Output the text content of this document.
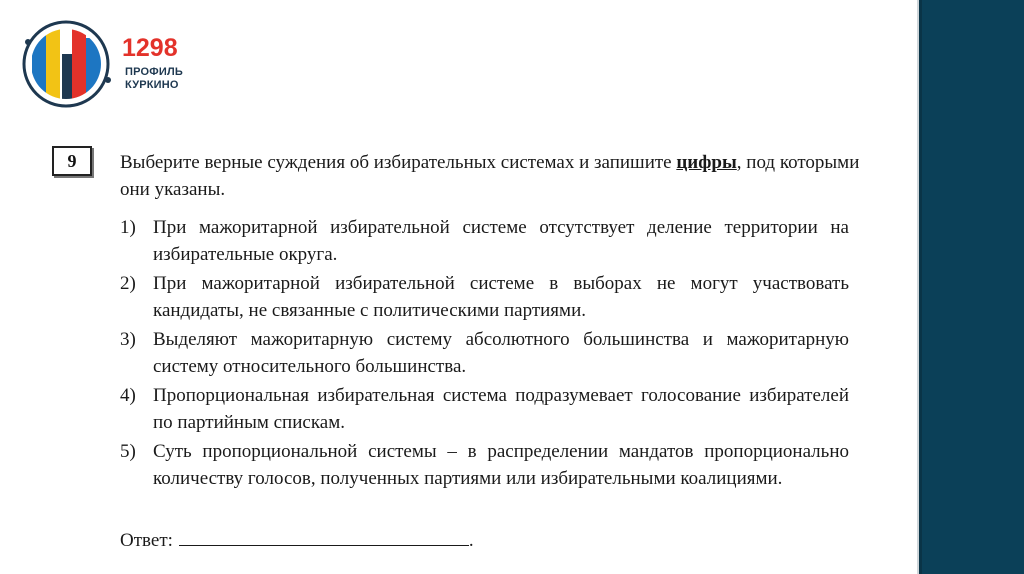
1298
ПРОФИЛЬ
КУРКИНО
9	Выберите верные суждения об избирательных системах и запишите цифры, под которыми они указаны.
1) При мажоритарной избирательной системе отсутствует деление территории на избирательные округа.
2) При мажоритарной избирательной системе в выборах не могут участвовать кандидаты, не связанные с политическими партиями.
3) Выделяют мажоритарную систему абсолютного большинства и мажоритарную систему относительного большинства.
4) Пропорциональная избирательная система подразумевает голосование избирателей по партийным спискам.
5) Суть пропорциональной системы – в распределении мандатов пропорционально количеству голосов, полученных партиями или избирательными коалициями.
Ответ:	.
